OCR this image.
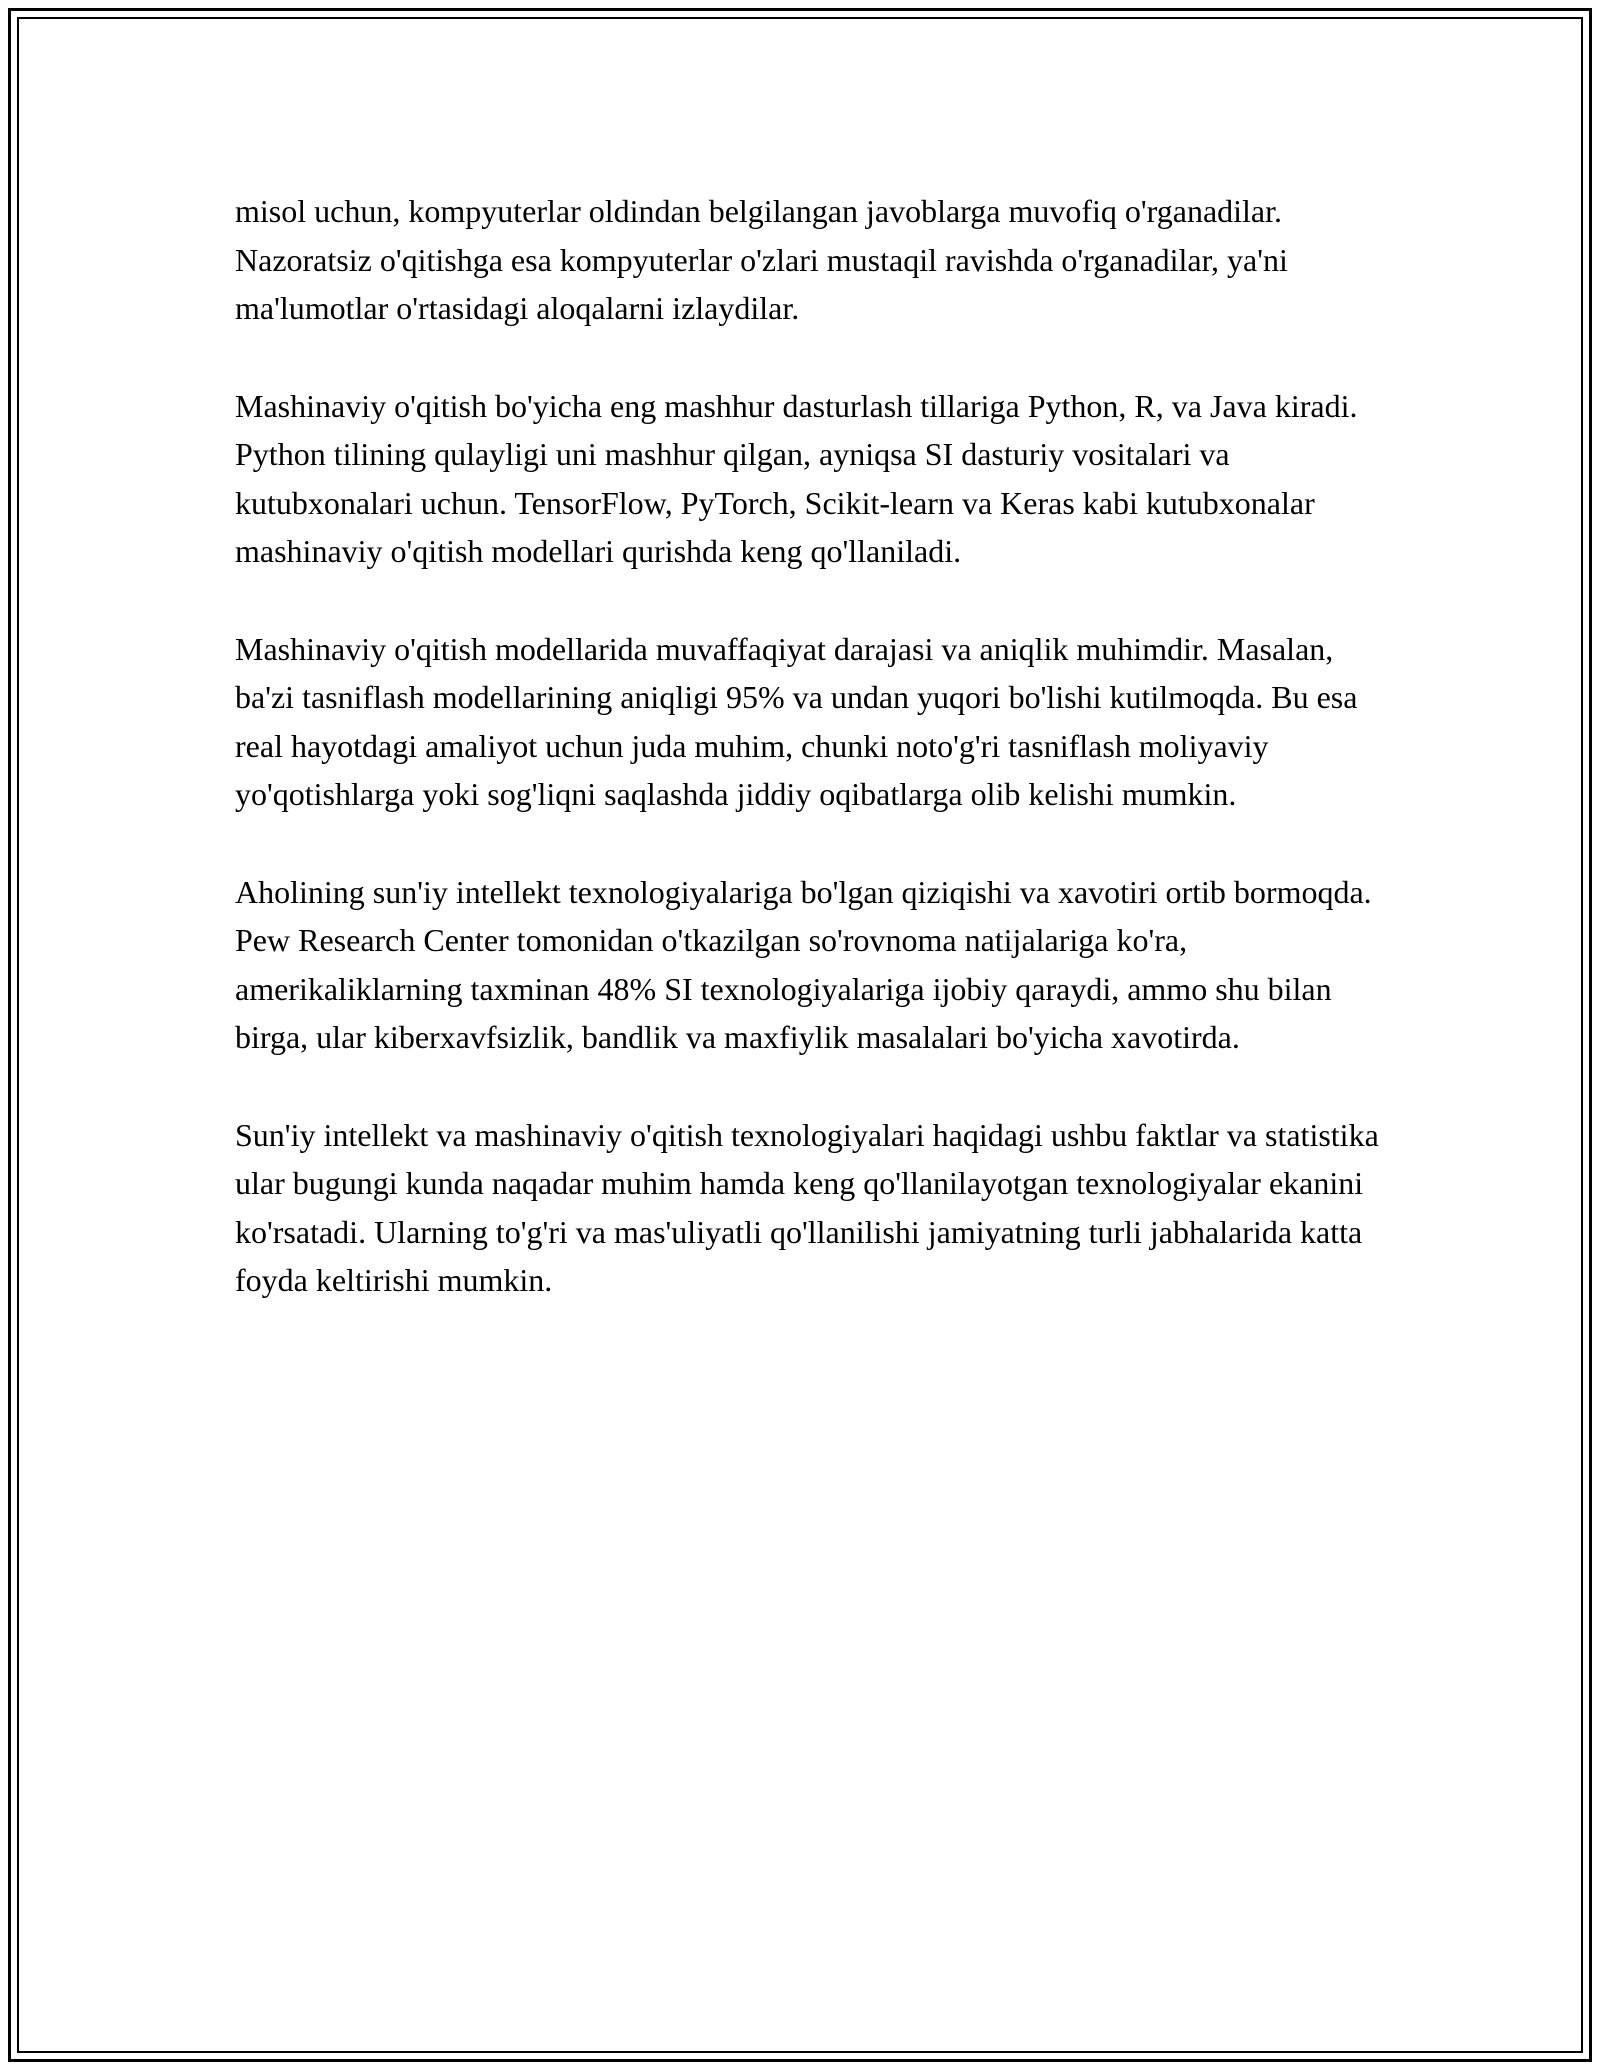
misol uchun, kompyuterlar oldindan belgilangan javoblarga muvofiq o'rganadilar. Nazoratsiz o'qitishga esa kompyuterlar o'zlari mustaqil ravishda o'rganadilar, ya'ni ma'lumotlar o'rtasidagi aloqalarni izlaydilar.

Mashinaviy o'qitish bo'yicha eng mashhur dasturlash tillariga Python, R, va Java kiradi. Python tilining qulayligi uni mashhur qilgan, ayniqsa SI dasturiy vositalari va kutubxonalari uchun. TensorFlow, PyTorch, Scikit-learn va Keras kabi kutubxonalar mashinaviy o'qitish modellari qurishda keng qo'llaniladi.

Mashinaviy o'qitish modellarida muvaffaqiyat darajasi va aniqlik muhimdir. Masalan, ba'zi tasniflash modellarining aniqligi 95% va undan yuqori bo'lishi kutilmoqda. Bu esa real hayotdagi amaliyot uchun juda muhim, chunki noto'g'ri tasniflash moliyaviy yo'qotishlarga yoki sog'liqni saqlashda jiddiy oqibatlarga olib kelishi mumkin.

Aholining sun'iy intellekt texnologiyalariga bo'lgan qiziqishi va xavotiri ortib bormoqda. Pew Research Center tomonidan o'tkazilgan so'rovnoma natijalariga ko'ra, amerikaliklarning taxminan 48% SI texnologiyalariga ijobiy qaraydi, ammo shu bilan birga, ular kiberxavfsizlik, bandlik va maxfiylik masalalari bo'yicha xavotirda.

Sun'iy intellekt va mashinaviy o'qitish texnologiyalari haqidagi ushbu faktlar va statistika ular bugungi kunda naqadar muhim hamda keng qo'llanilayotgan texnologiyalar ekanini ko'rsatadi. Ularning to'g'ri va mas'uliyatli qo'llanilishi jamiyatning turli jabhalarida katta foyda keltirishi mumkin.
